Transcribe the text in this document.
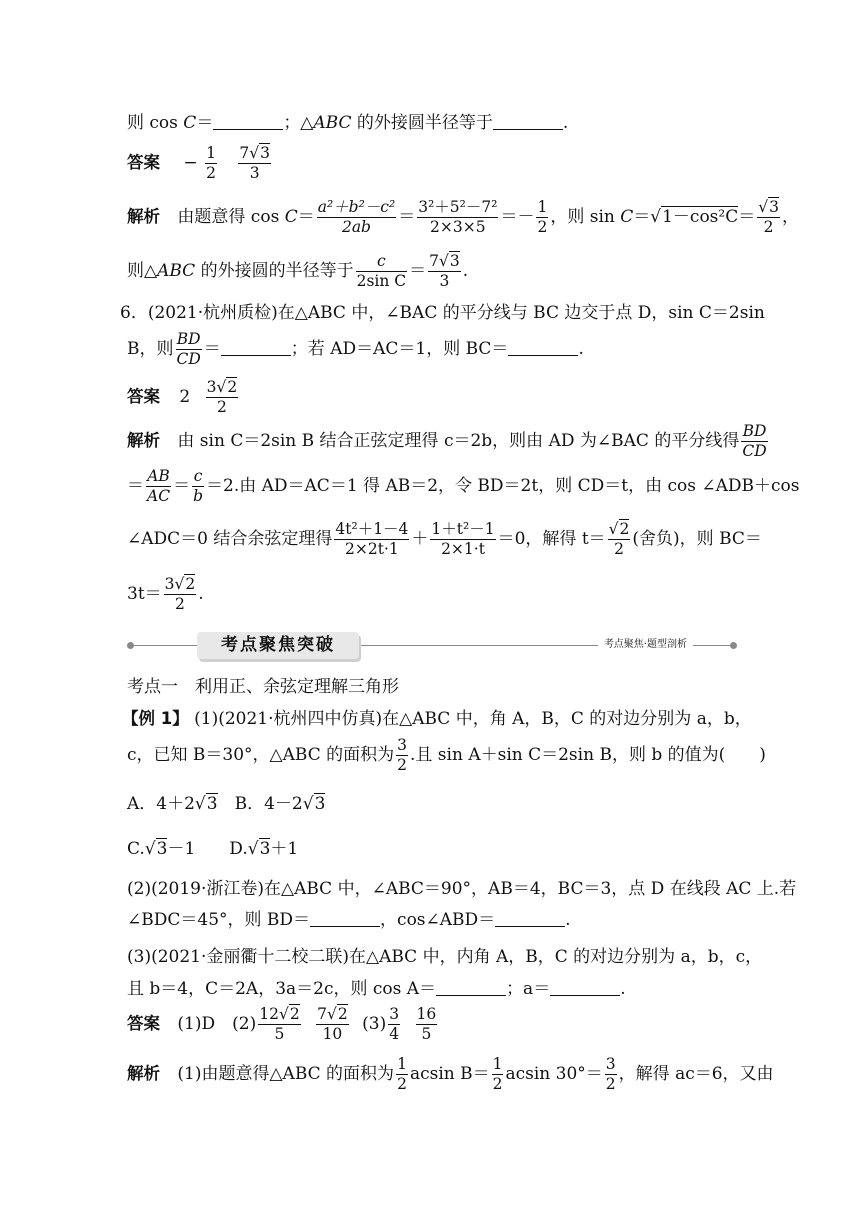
则 cos C＝	；△ABC 的外接圆半径等于	.
答案 − $\frac{1}{2}$
$\frac{7√3}{3}$
解析 由题意得 $\cos C= \frac{\text{a²＋b²－c²}}{2ab} = \frac{\text{3²＋5²－7²}}{2\times 3\times 5} =- \frac{1}{2}$ ，则 $\sin C=√1-\cos^2C= \frac{√3}{2}$ ，
则△ABC 的外接圆的半径等于 $\frac{c}{\text{2sin C}} = \frac{7√3}{3}$ .
6．(2021·杭州质检)在△ABC 中，∠BAC 的平分线与 BC 边交于点 D，sin C＝2sin
B，则 $\frac{BD}{CD}$ ＝	；若 AD＝AC＝1，则 BC＝	.
答案 $2 \frac{3√2}{2}$
解析 由 sin C＝2sin B 结合正弦定理得 c＝2b，则由 AD 为∠BAC 的平分线得 $\frac{BD}{CD}$
＝ $\frac{AB}{AC} = \frac{c}{b} =2$.由 AD＝AC＝1 得 AB＝2，令 BD＝2t，则 CD＝t，由 cos ∠ADB＋cos
∠ADC＝0 结合余弦定理得 $\frac{\text{4t²＋1－4}}{2\times 2t\cdot 1} + \frac{\text{1＋t²－1}}{2\times 1\cdot t} =0$，解得 $t= \frac{√2}{2}$ (舍负)，则 BC＝
$3t= \frac{3√2}{2}$ .
考点聚焦突破	考点聚焦·题型剖析
考点一　利用正、余弦定理解三角形
【例 1】 (1)(2021·杭州四中仿真)在△ABC 中，角 A，B，C 的对边分别为 a，b，
c，已知 B＝30°，△ABC 的面积为 $\frac{3}{2}$ .且 sin A＋sin C＝2sin B，则 b 的值为(　　)
A．4＋2√3　B．4－2√3
C.√3－1　　D.√3＋1
(2)(2019·浙江卷)在△ABC 中，∠ABC＝90°，AB＝4，BC＝3，点 D 在线段 AC 上.若
∠BDC＝45°，则 BD＝	，cos∠ABD＝	.
(3)(2021·金丽衢十二校二联)在△ABC 中，内角 A，B，C 的对边分别为 a，b，c，
且 b＝4，C＝2A，3a＝2c，则 cos A＝	；a＝	.
答案 (1)D　$(2) \frac{12√2}{5}$
$\frac{7√2}{10} (3) \frac{3}{4}$
$\frac{16}{5}$
解析 (1)由题意得△ABC 的面积为 $\frac{1}{2}$ acsin $B= \frac{1}{2}$ acsin $30^\circ= \frac{3}{2}$ ，解得 ac＝6，又由
